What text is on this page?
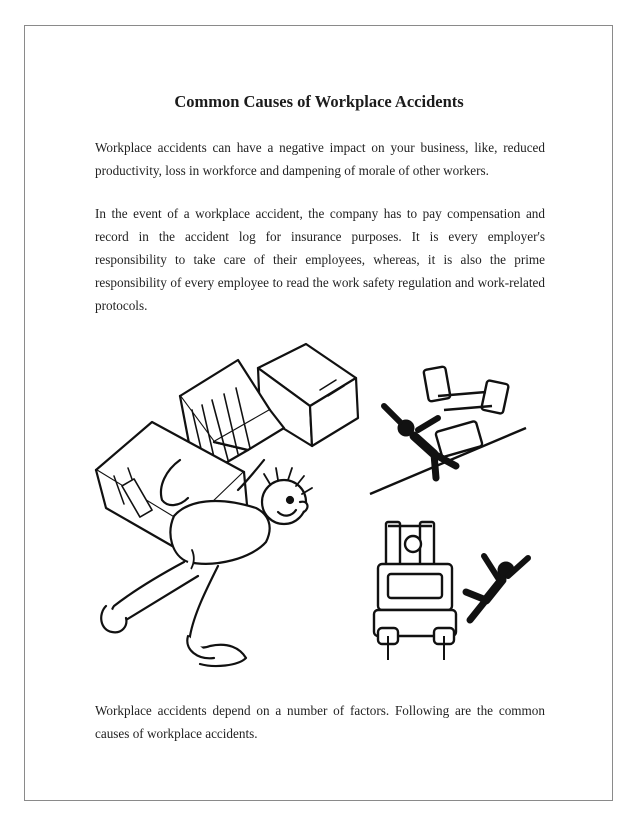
Common Causes of Workplace Accidents

Workplace accidents can have a negative impact on your business, like, reduced productivity, loss in workforce and dampening of morale of other workers.

In the event of a workplace accident, the company has to pay compensation and record in the accident log for insurance purposes. It is every employer's responsibility to take care of their employees, whereas, it is also the prime responsibility of every employee to read the work safety regulation and work-related protocols.

Workplace accidents depend on a number of factors. Following are the common causes of workplace accidents.
